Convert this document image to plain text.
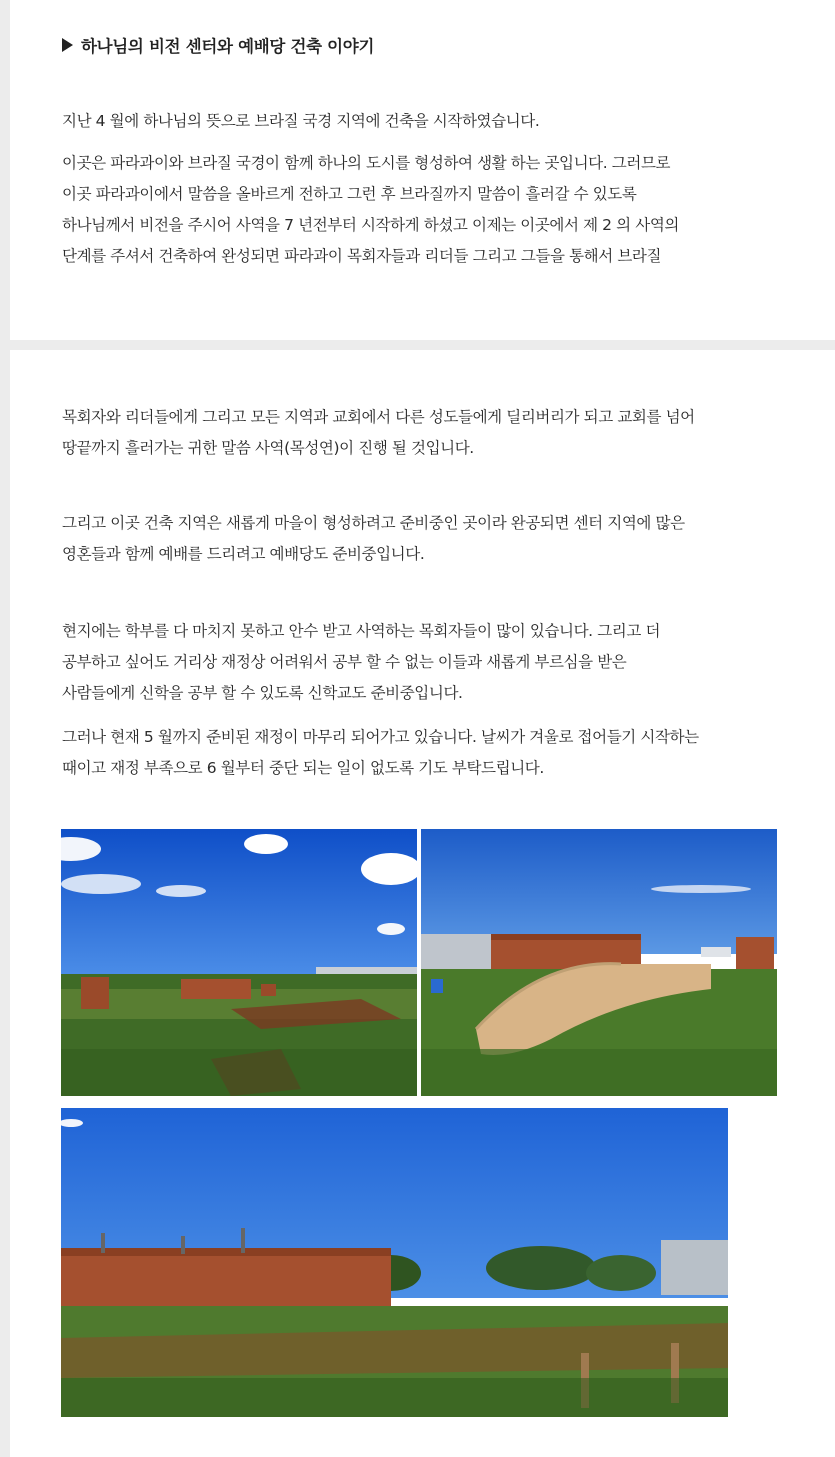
하나님의 비전 센터와 예배당 건축 이야기
지난 4 월에 하나님의 뜻으로 브라질 국경 지역에 건축을 시작하였습니다.
이곳은 파라과이와 브라질 국경이 함께 하나의 도시를 형성하여 생활 하는 곳입니다. 그러므로
이곳 파라과이에서 말씀을 올바르게 전하고 그런 후 브라질까지 말씀이 흘러갈 수 있도록
하나님께서 비전을 주시어 사역을 7 년전부터 시작하게 하셨고 이제는 이곳에서 제 2 의 사역의
단계를 주셔서 건축하여 완성되면 파라과이 목회자들과 리더들 그리고 그들을 통해서 브라질
목회자와 리더들에게 그리고 모든 지역과 교회에서 다른 성도들에게 딜리버리가 되고 교회를 넘어
땅끝까지 흘러가는 귀한 말씀 사역(목성연)이 진행 될 것입니다.
그리고 이곳 건축 지역은 새롭게 마을이 형성하려고 준비중인 곳이라 완공되면 센터 지역에 많은
영혼들과 함께 예배를 드리려고 예배당도 준비중입니다.
현지에는 학부를 다 마치지 못하고 안수 받고 사역하는 목회자들이 많이 있습니다. 그리고 더
공부하고 싶어도 거리상 재정상 어려워서 공부 할 수 없는 이들과 새롭게 부르심을 받은
사람들에게 신학을 공부 할 수 있도록 신학교도 준비중입니다.
그러나 현재 5 월까지 준비된 재정이 마무리 되어가고 있습니다. 날씨가 겨울로 접어들기 시작하는
때이고 재정 부족으로 6 월부터 중단 되는 일이 없도록 기도 부탁드립니다.
